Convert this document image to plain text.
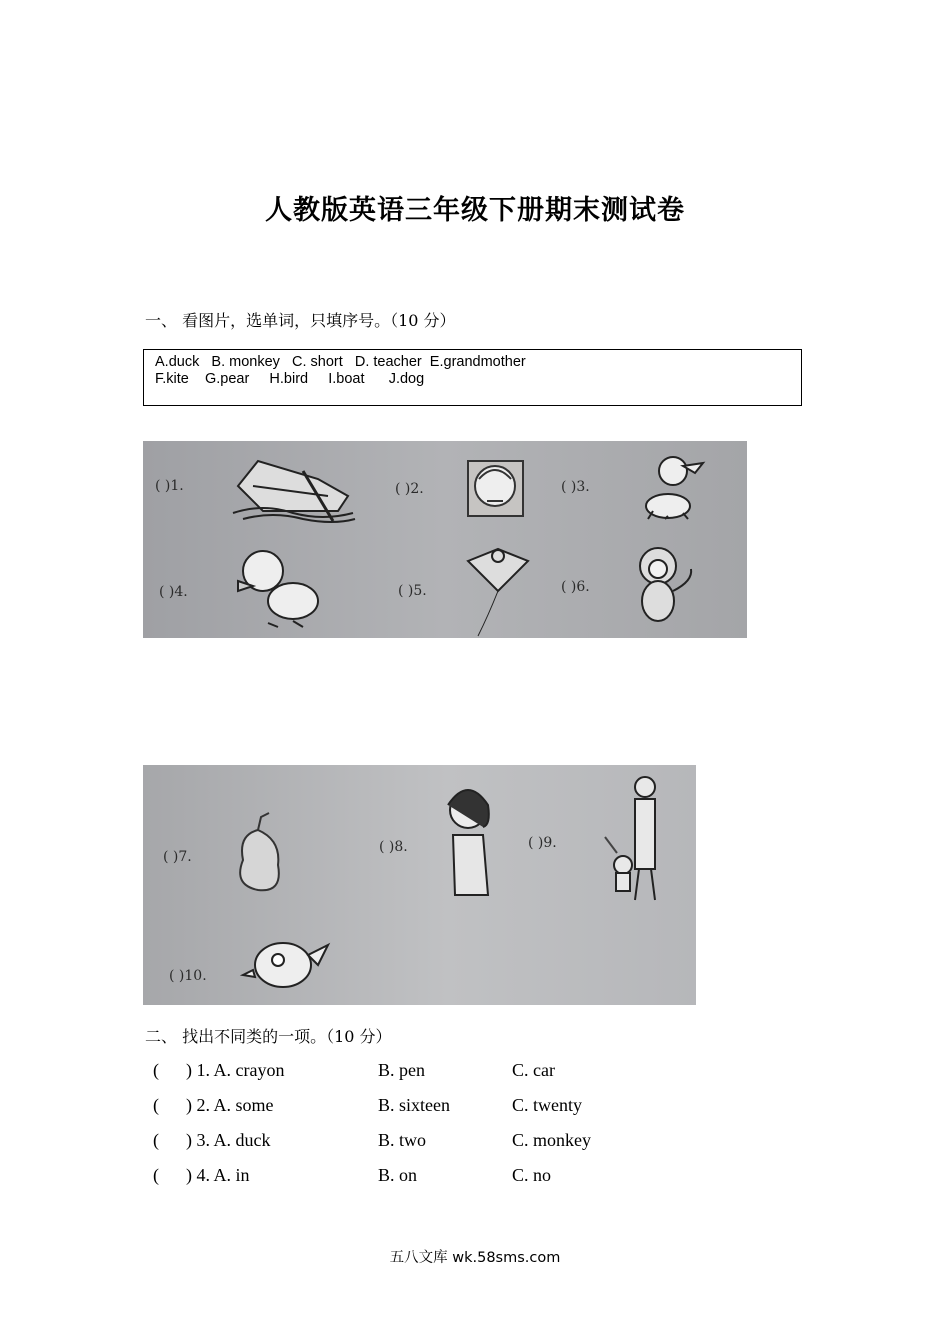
人教版英语三年级下册期末测试卷
一、 看图片，选单词，只填序号。（10 分）
A.duck   B. monkey   C. short   D. teacher  E.grandmother
F.kite    G.pear     H.bird     I.boat      J.dog
( )1.	( )2.	( )3.
( )4.	( )5.	( )6.
( )7.
( )8.	( )9.
( )10.
二、 找出不同类的一项。（10 分）
(      ) 1. A. crayon	B. pen	C. car
(      ) 2. A. some	B. sixteen	C. twenty
(      ) 3. A. duck	B. two	C. monkey
(      ) 4. A. in	B. on	C. no
五八文库 wk.58sms.com
